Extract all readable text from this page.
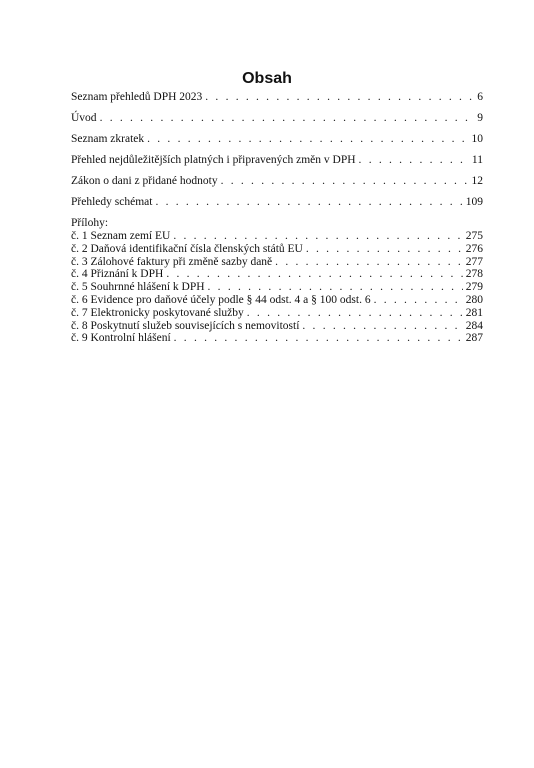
Obsah
Seznam přehledů DPH 2023 . . .	6
Úvod . . .	9
Seznam zkratek . . .	10
Přehled nejdůležitějších platných i připravených změn v DPH . . .	11
Zákon o dani z přidané hodnoty . . .	12
Přehledy schémat . . .	109
Přílohy:
č. 1 Seznam zemí EU . . .	275
č. 2 Daňová identifikační čísla členských států EU . . .	276
č. 3 Zálohové faktury při změně sazby daně . . .	277
č. 4 Přiznání k DPH . . .	278
č. 5 Souhrnné hlášení k DPH . . .	279
č. 6 Evidence pro daňové účely podle § 44 odst. 4 a § 100 odst. 6 . . .	280
č. 7 Elektronicky poskytované služby . . .	281
č. 8 Poskytnutí služeb souvisejících s nemovitostí . . .	284
č. 9 Kontrolní hlášení . . .	287
